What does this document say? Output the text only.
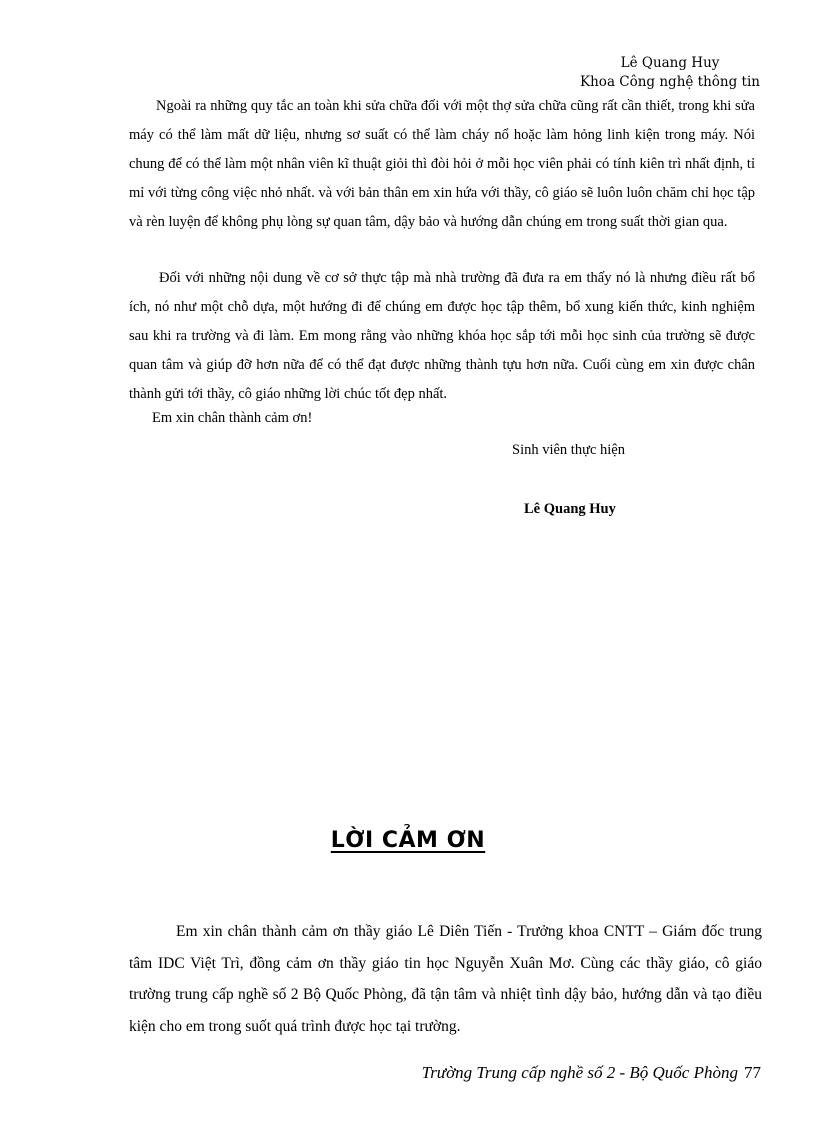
Lê Quang Huy
Khoa Công nghệ thông tin

Ngoài ra những quy tắc an toàn khi sửa chữa đối với một thợ sửa chữa cũng rất cần thiết, trong khi sửa máy có thể làm mất dữ liệu, nhưng sơ suất có thể làm cháy nổ hoặc làm hỏng linh kiện trong máy. Nói chung để có thể làm một nhân viên kĩ thuật giỏi thì đòi hỏi ở mỗi học viên phải có tính kiên trì nhất định, tỉ mỉ với từng công việc nhỏ nhất. và với bản thân em xin hứa với thầy, cô giáo sẽ luôn luôn chăm chỉ học tập và rèn luyện để không phụ lòng sự quan tâm, dậy bảo và hướng dẫn chúng em trong suất thời gian qua.

Đối với những nội dung về cơ sở thực tập mà nhà trường đã đưa ra em thấy nó là nhưng điều rất bổ ích, nó như một chỗ dựa, một hướng đi để chúng em được học tập thêm, bổ xung kiến thức, kinh nghiệm sau khi ra trường và đi làm. Em mong rằng vào những khóa học sắp tới mỗi học sinh của trường sẽ được quan tâm và giúp đỡ hơn nữa để có thể đạt được những thành tựu hơn nữa. Cuối cùng em xin được chân thành gửi tới thầy, cô giáo những lời chúc tốt đẹp nhất.

Em xin chân thành cảm ơn!

Sinh viên thực hiện

Lê Quang Huy

LỜI CẢM ƠN

Em xin chân thành cảm ơn thầy giáo Lê Diên Tiến - Trưởng khoa CNTT – Giám đốc trung tâm IDC Việt Trì, đồng cảm ơn thầy giáo tin học Nguyễn Xuân Mơ. Cùng các thầy giáo, cô giáo trường trung cấp nghề số 2 Bộ Quốc Phòng, đã tận tâm và nhiệt tình dậy bảo, hướng dẫn và tạo điều kiện cho em trong suốt quá trình được học tại trường.

Trường Trung cấp nghề số 2 - Bộ Quốc Phòng 77
